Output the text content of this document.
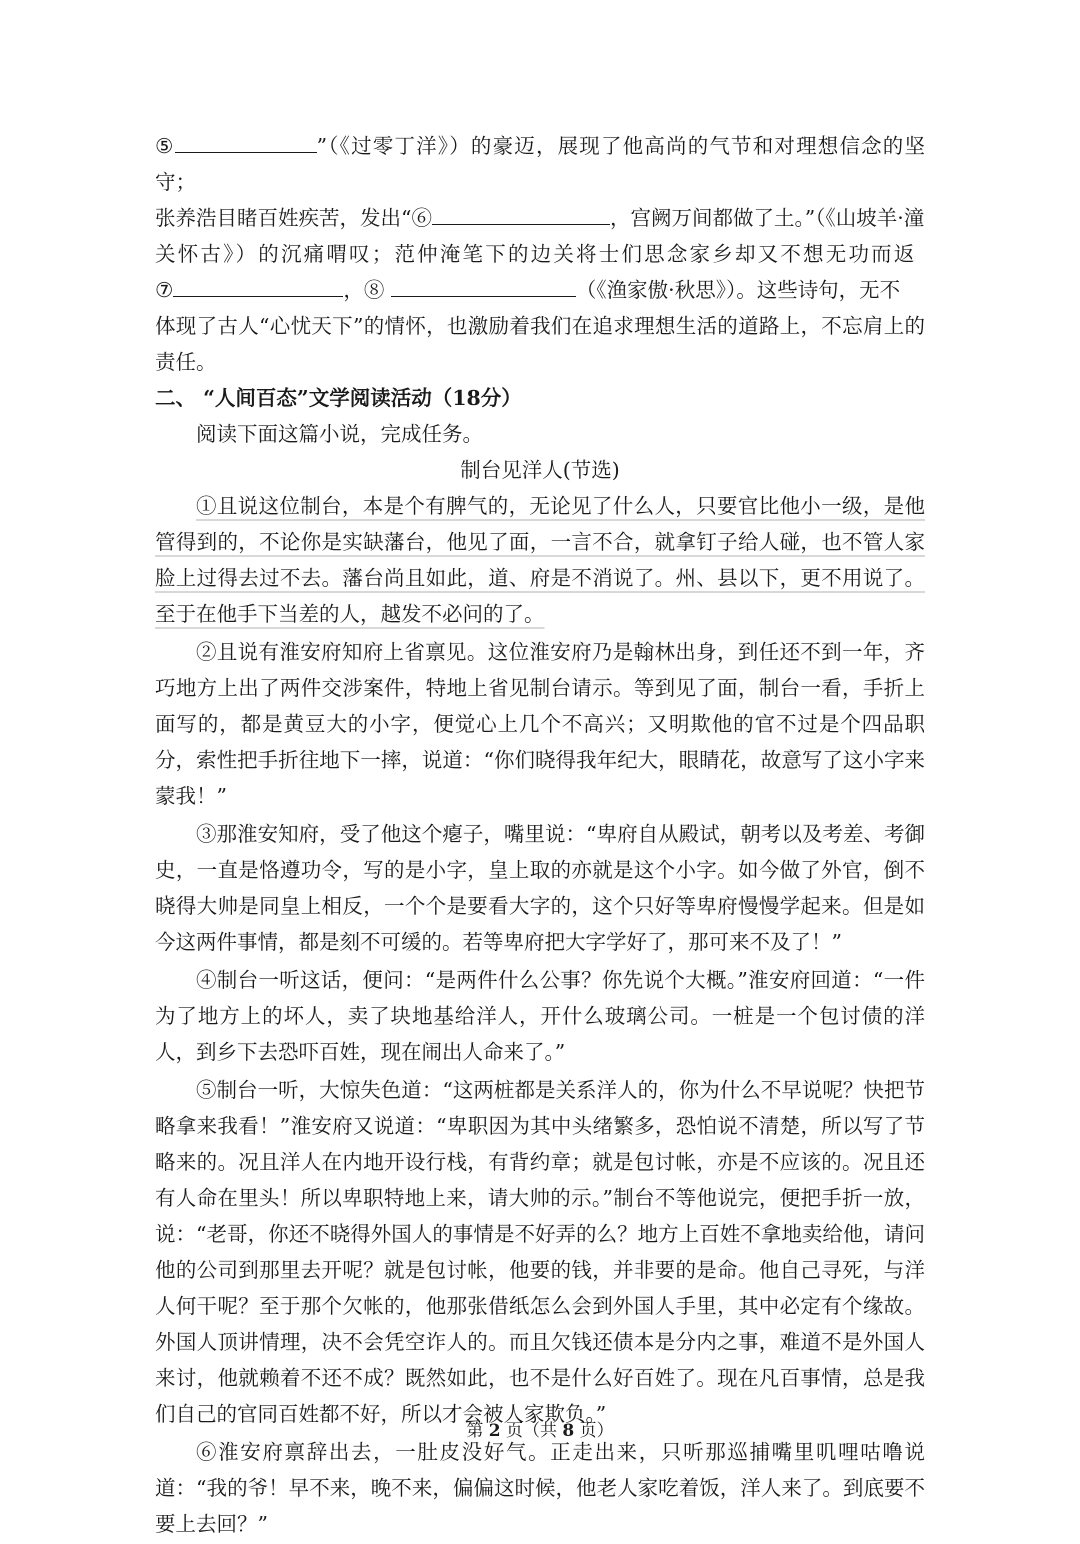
⑤	”（《过零丁洋》）的豪迈，展现了他高尚的气节和对理想信念的坚守；
张养浩目睹百姓疾苦，发出“⑥	，宫阙万间都做了土。”（《山坡羊·潼
关怀古》）的沉痛喟叹；范仲淹笔下的边关将士们思念家乡却又不想无功而返
⑦	，⑧	（《渔家傲·秋思》）。这些诗句，无不
体现了古人“心忧天下”的情怀，也激励着我们在追求理想生活的道路上，不忘肩上的责任。
二、 “人间百态”文学阅读活动（18分）
阅读下面这篇小说，完成任务。
制台见洋人(节选)

①且说这位制台，本是个有脾气的，无论见了什么人，只要官比他小一级，是他管得到的，不论你是实缺藩台，他见了面，一言不合，就拿钉子给人碰，也不管人家脸上过得去过不去。藩台尚且如此，道、府是不消说了。州、县以下，更不用说了。至于在他手下当差的人，越发不必问的了。

②且说有淮安府知府上省禀见。这位淮安府乃是翰林出身，到任还不到一年，齐巧地方上出了两件交涉案件，特地上省见制台请示。等到见了面，制台一看，手折上面写的，都是黄豆大的小字，便觉心上几个不高兴；又明欺他的官不过是个四品职分，索性把手折往地下一摔，说道：“你们晓得我年纪大，眼睛花，故意写了这小字来蒙我！”

③那淮安知府，受了他这个瘪子，嘴里说：“卑府自从殿试，朝考以及考差、考御史，一直是恪遵功令，写的是小字，皇上取的亦就是这个小字。如今做了外官，倒不晓得大帅是同皇上相反，一个个是要看大字的，这个只好等卑府慢慢学起来。但是如今这两件事情，都是刻不可缓的。若等卑府把大字学好了，那可来不及了！”

④制台一听这话，便问：“是两件什么公事？你先说个大概。”淮安府回道：“一件为了地方上的坏人，卖了块地基给洋人，开什么玻璃公司。一桩是一个包讨债的洋人，到乡下去恐吓百姓，现在闹出人命来了。”

⑤制台一听，大惊失色道：“这两桩都是关系洋人的，你为什么不早说呢？快把节略拿来我看！”淮安府又说道：“卑职因为其中头绪繁多，恐怕说不清楚，所以写了节略来的。况且洋人在内地开设行栈，有背约章；就是包讨帐，亦是不应该的。况且还有人命在里头！所以卑职特地上来，请大帅的示。”制台不等他说完，便把手折一放，说：“老哥，你还不晓得外国人的事情是不好弄的么？地方上百姓不拿地卖给他，请问他的公司到那里去开呢？就是包讨帐，他要的钱，并非要的是命。他自己寻死，与洋人何干呢？至于那个欠帐的，他那张借纸怎么会到外国人手里，其中必定有个缘故。外国人顶讲情理，决不会凭空诈人的。而且欠钱还债本是分内之事，难道不是外国人来讨，他就赖着不还不成？既然如此，也不是什么好百姓了。现在凡百事情，总是我们自己的官同百姓都不好，所以才会被人家欺负。”

⑥淮安府禀辞出去，一肚皮没好气。正走出来，只听那巡捕嘴里叽哩咕噜说道：“我的爷！早不来，晚不来，偏偏这时候，他老人家吃着饭，洋人来了。到底要不要上去回？”

第 2 页（共 8 页）
